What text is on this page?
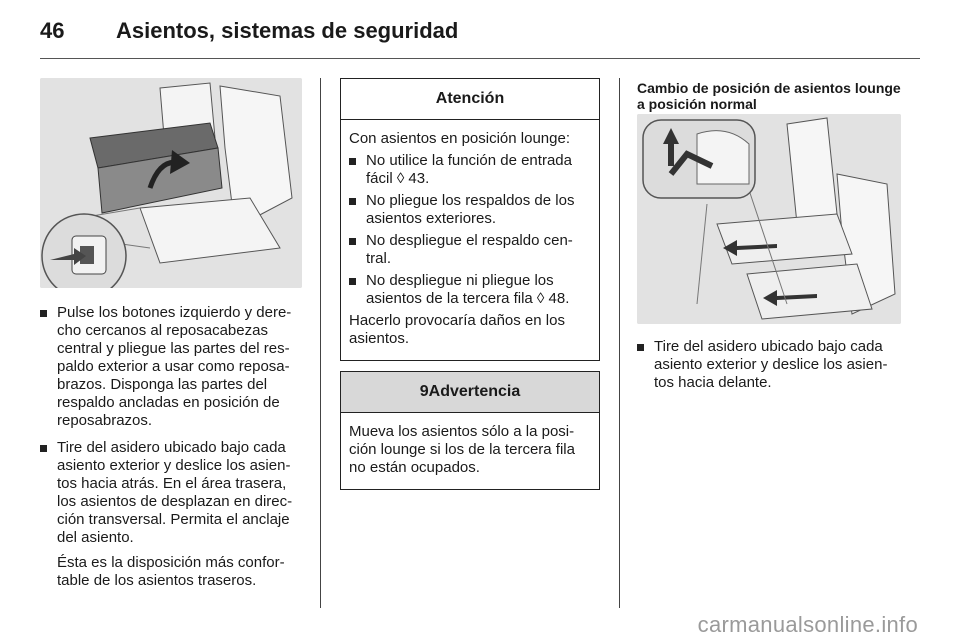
46 Asientos, sistemas de seguridad
Pulse los botones izquierdo y dere-cho cercanos al reposacabezas central y pliegue las partes del res-paldo exterior a usar como reposa-brazos. Disponga las partes del respaldo ancladas en posición de reposabrazos.
Tire del asidero ubicado bajo cada asiento exterior y deslice los asien-tos hacia atrás. En el área trasera, los asientos de desplazan en direc-ción transversal. Permita el anclaje del asiento.
Ésta es la disposición más confor-table de los asientos traseros.
Atención
Con asientos en posición lounge:
No utilice la función de entrada fácil ◊ 43.
No pliegue los respaldos de los asientos exteriores.
No despliegue el respaldo cen-tral.
No despliegue ni pliegue los asientos de la tercera fila ◊ 48.
Hacerlo provocaría daños en los asientos.
9Advertencia
Mueva los asientos sólo a la posi-ción lounge si los de la tercera fila no están ocupados.
Cambio de posición de asientos lounge a posición normal
Tire del asidero ubicado bajo cada asiento exterior y deslice los asien-tos hacia delante.
carmanualsonline.info
